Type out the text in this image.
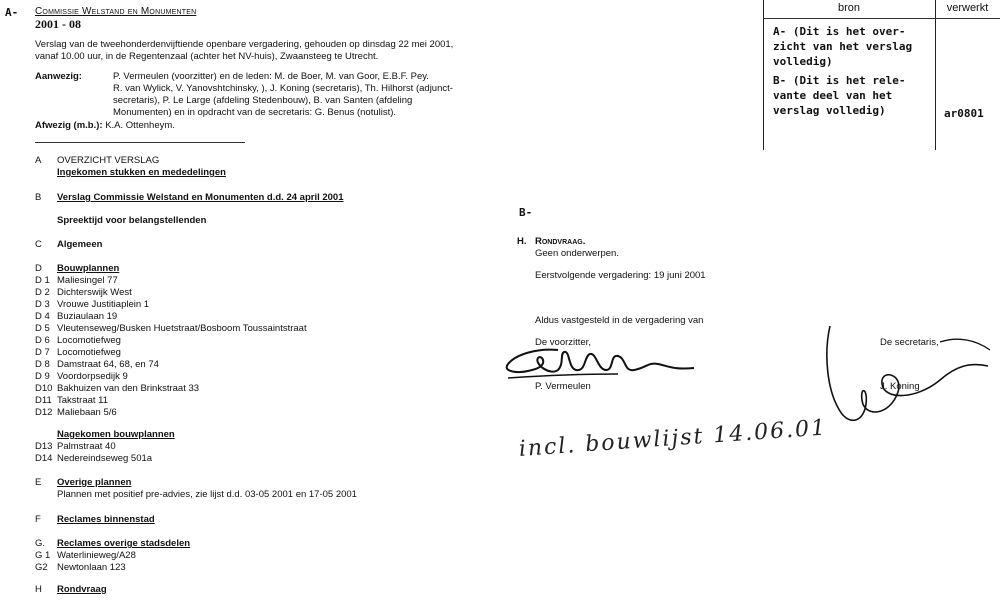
A- Commissie Welstand en Monumenten
2001 - 08
Verslag van de tweehonderdenvijftiende openbare vergadering, gehouden op dinsdag 22 mei 2001,
vanaf 10.00 uur, in de Regentenzaal (achter het NV-huis), Zwaansteeg te Utrecht.
Aanwezig:	P. Vermeulen (voorzitter) en de leden: M. de Boer, M. van Goor, E.B.F. Pey.
R. van Wylick, V. Yanovshtchinsky, ), J. Koning (secretaris), Th. Hilhorst (adjunct-
secretaris), P. Le Large (afdeling Stedenbouw), B. van Santen (afdeling
Monumenten) en in opdracht van de secretaris: G. Benus (notulist).
Afwezig (m.b.): K.A. Ottenheym.
A OVERZICHT VERSLAG
Ingekomen stukken en mededelingen
B Verslag Commissie Welstand en Monumenten d.d. 24 april 2001
Spreektijd voor belangstellenden
C Algemeen
D Bouwplannen
D 1 Maliesingel 77
D 2 Dichterswijk West
D 3 Vrouwe Justitiaplein 1
D 4 Buziaulaan 19
D 5 Vleutenseweg/Busken Huetstraat/Bosboom Toussaintstraat
D 6 Locomotiefweg
D 7 Locomotiefweg
D 8 Damstraat 64, 68, en 74
D 9 Voordorpsedijk 9
D10 Bakhuizen van den Brinkstraat 33
D11 Takstraat 11
D12 Maliebaan 5/6
Nagekomen bouwplannen
D13 Palmstraat 40
D14 Nedereindseweg 501a
E Overige plannen
Plannen met positief pre-advies, zie lijst d.d. 03-05 2001 en 17-05 2001
F Reclames binnenstad
G. Reclames overige stadsdelen
G 1 Waterlinieweg/A28
G2 Newtonlaan 123
H Rondvraag
bron	verwerkt
A- (Dit is het over-
zicht van het verslag
volledig)
B- (Dit is het rele-
vante deel van het
verslag volledig)	ar0801
B-
H. Rondvraag.
Geen onderwerpen.
Eerstvolgende vergadering: 19 juni 2001
Aldus vastgesteld in de vergadering van
De voorzitter,
P. Vermeulen
De secretaris,
J. Koning
incl. bouwlijst 14.06.01
